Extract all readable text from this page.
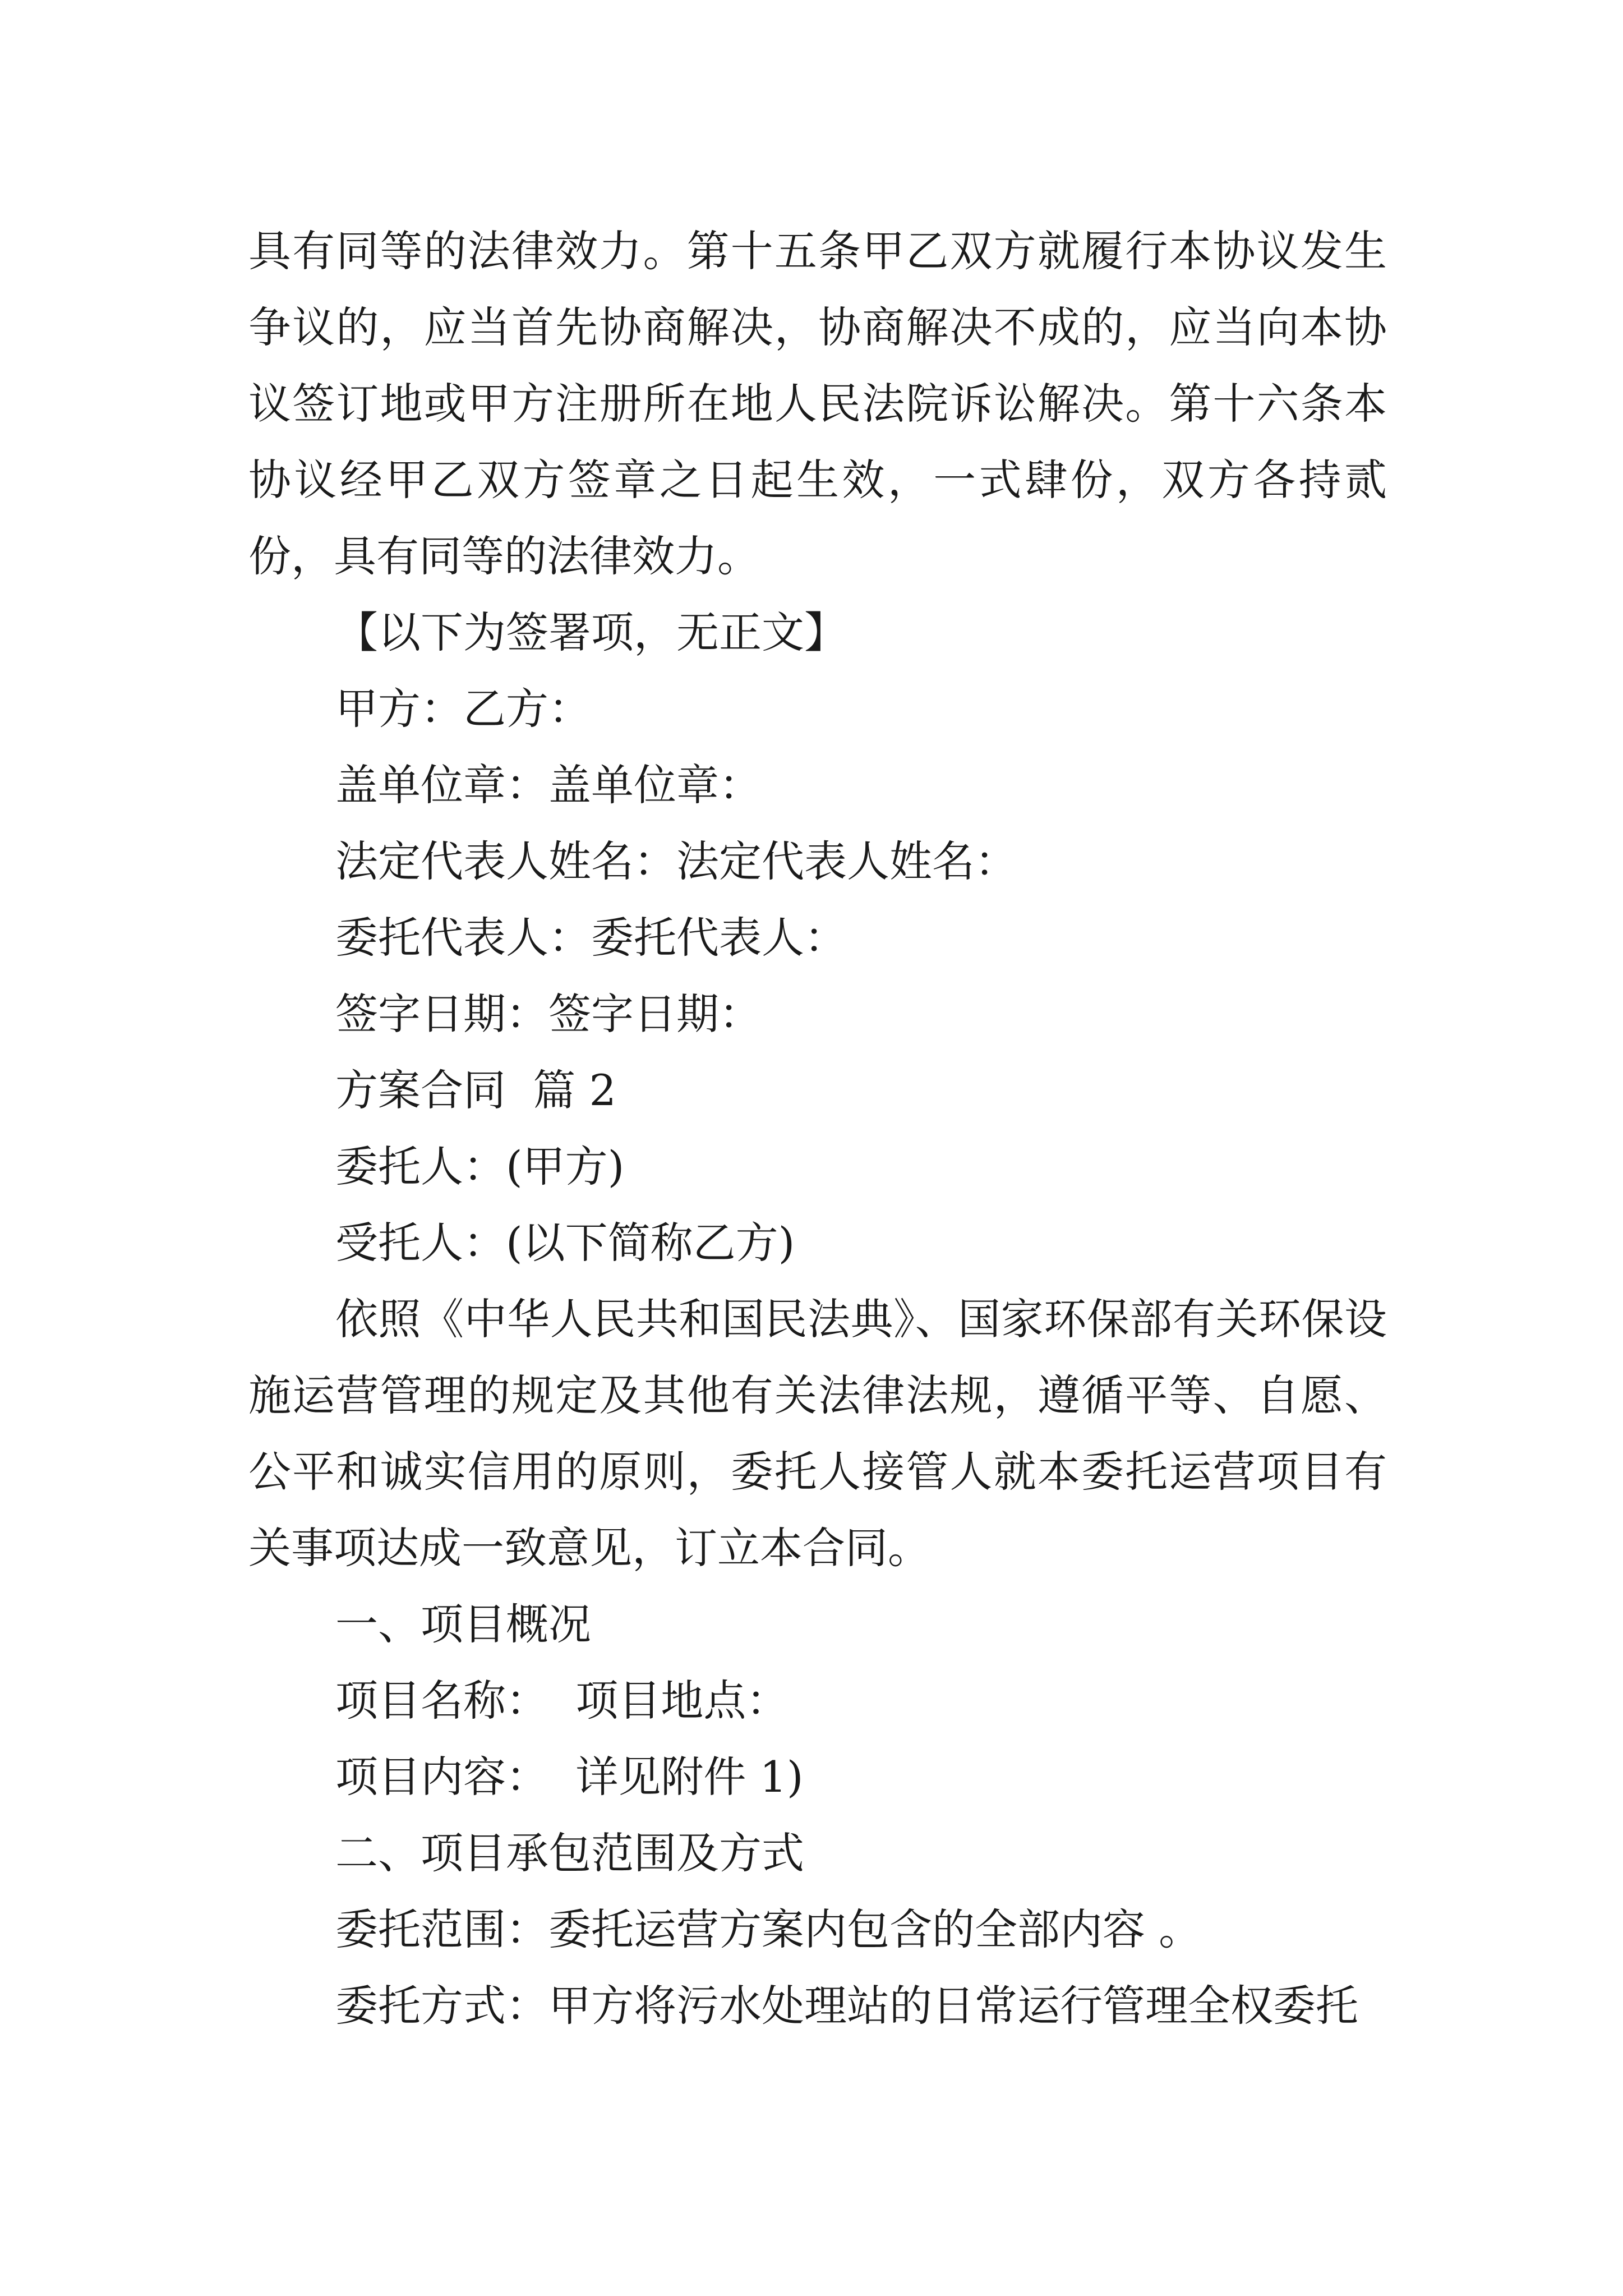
具有同等的法律效力。第十五条甲乙双方就履行本协议发生争议的，应当首先协商解决，协商解决不成的，应当向本协议签订地或甲方注册所在地人民法院诉讼解决。第十六条本协议经甲乙双方签章之日起生效，一式肆份，双方各持贰份，具有同等的法律效力。

【以下为签署项，无正文】

甲方：乙方：

盖单位章：盖单位章：

法定代表人姓名：法定代表人姓名：

委托代表人：委托代表人：

签字日期：签字日期：

方案合同  篇 2

委托人：(甲方)

受托人：(以下简称乙方)

依照《中华人民共和国民法典》、国家环保部有关环保设施运营管理的规定及其他有关法律法规，遵循平等、自愿、公平和诚实信用的原则，委托人接管人就本委托运营项目有关事项达成一致意见，订立本合同。

一、项目概况

项目名称：  项目地点：

项目内容：  详见附件 1)

二、项目承包范围及方式

委托范围：委托运营方案内包含的全部内容 。

委托方式：甲方将污水处理站的日常运行管理全权委托
